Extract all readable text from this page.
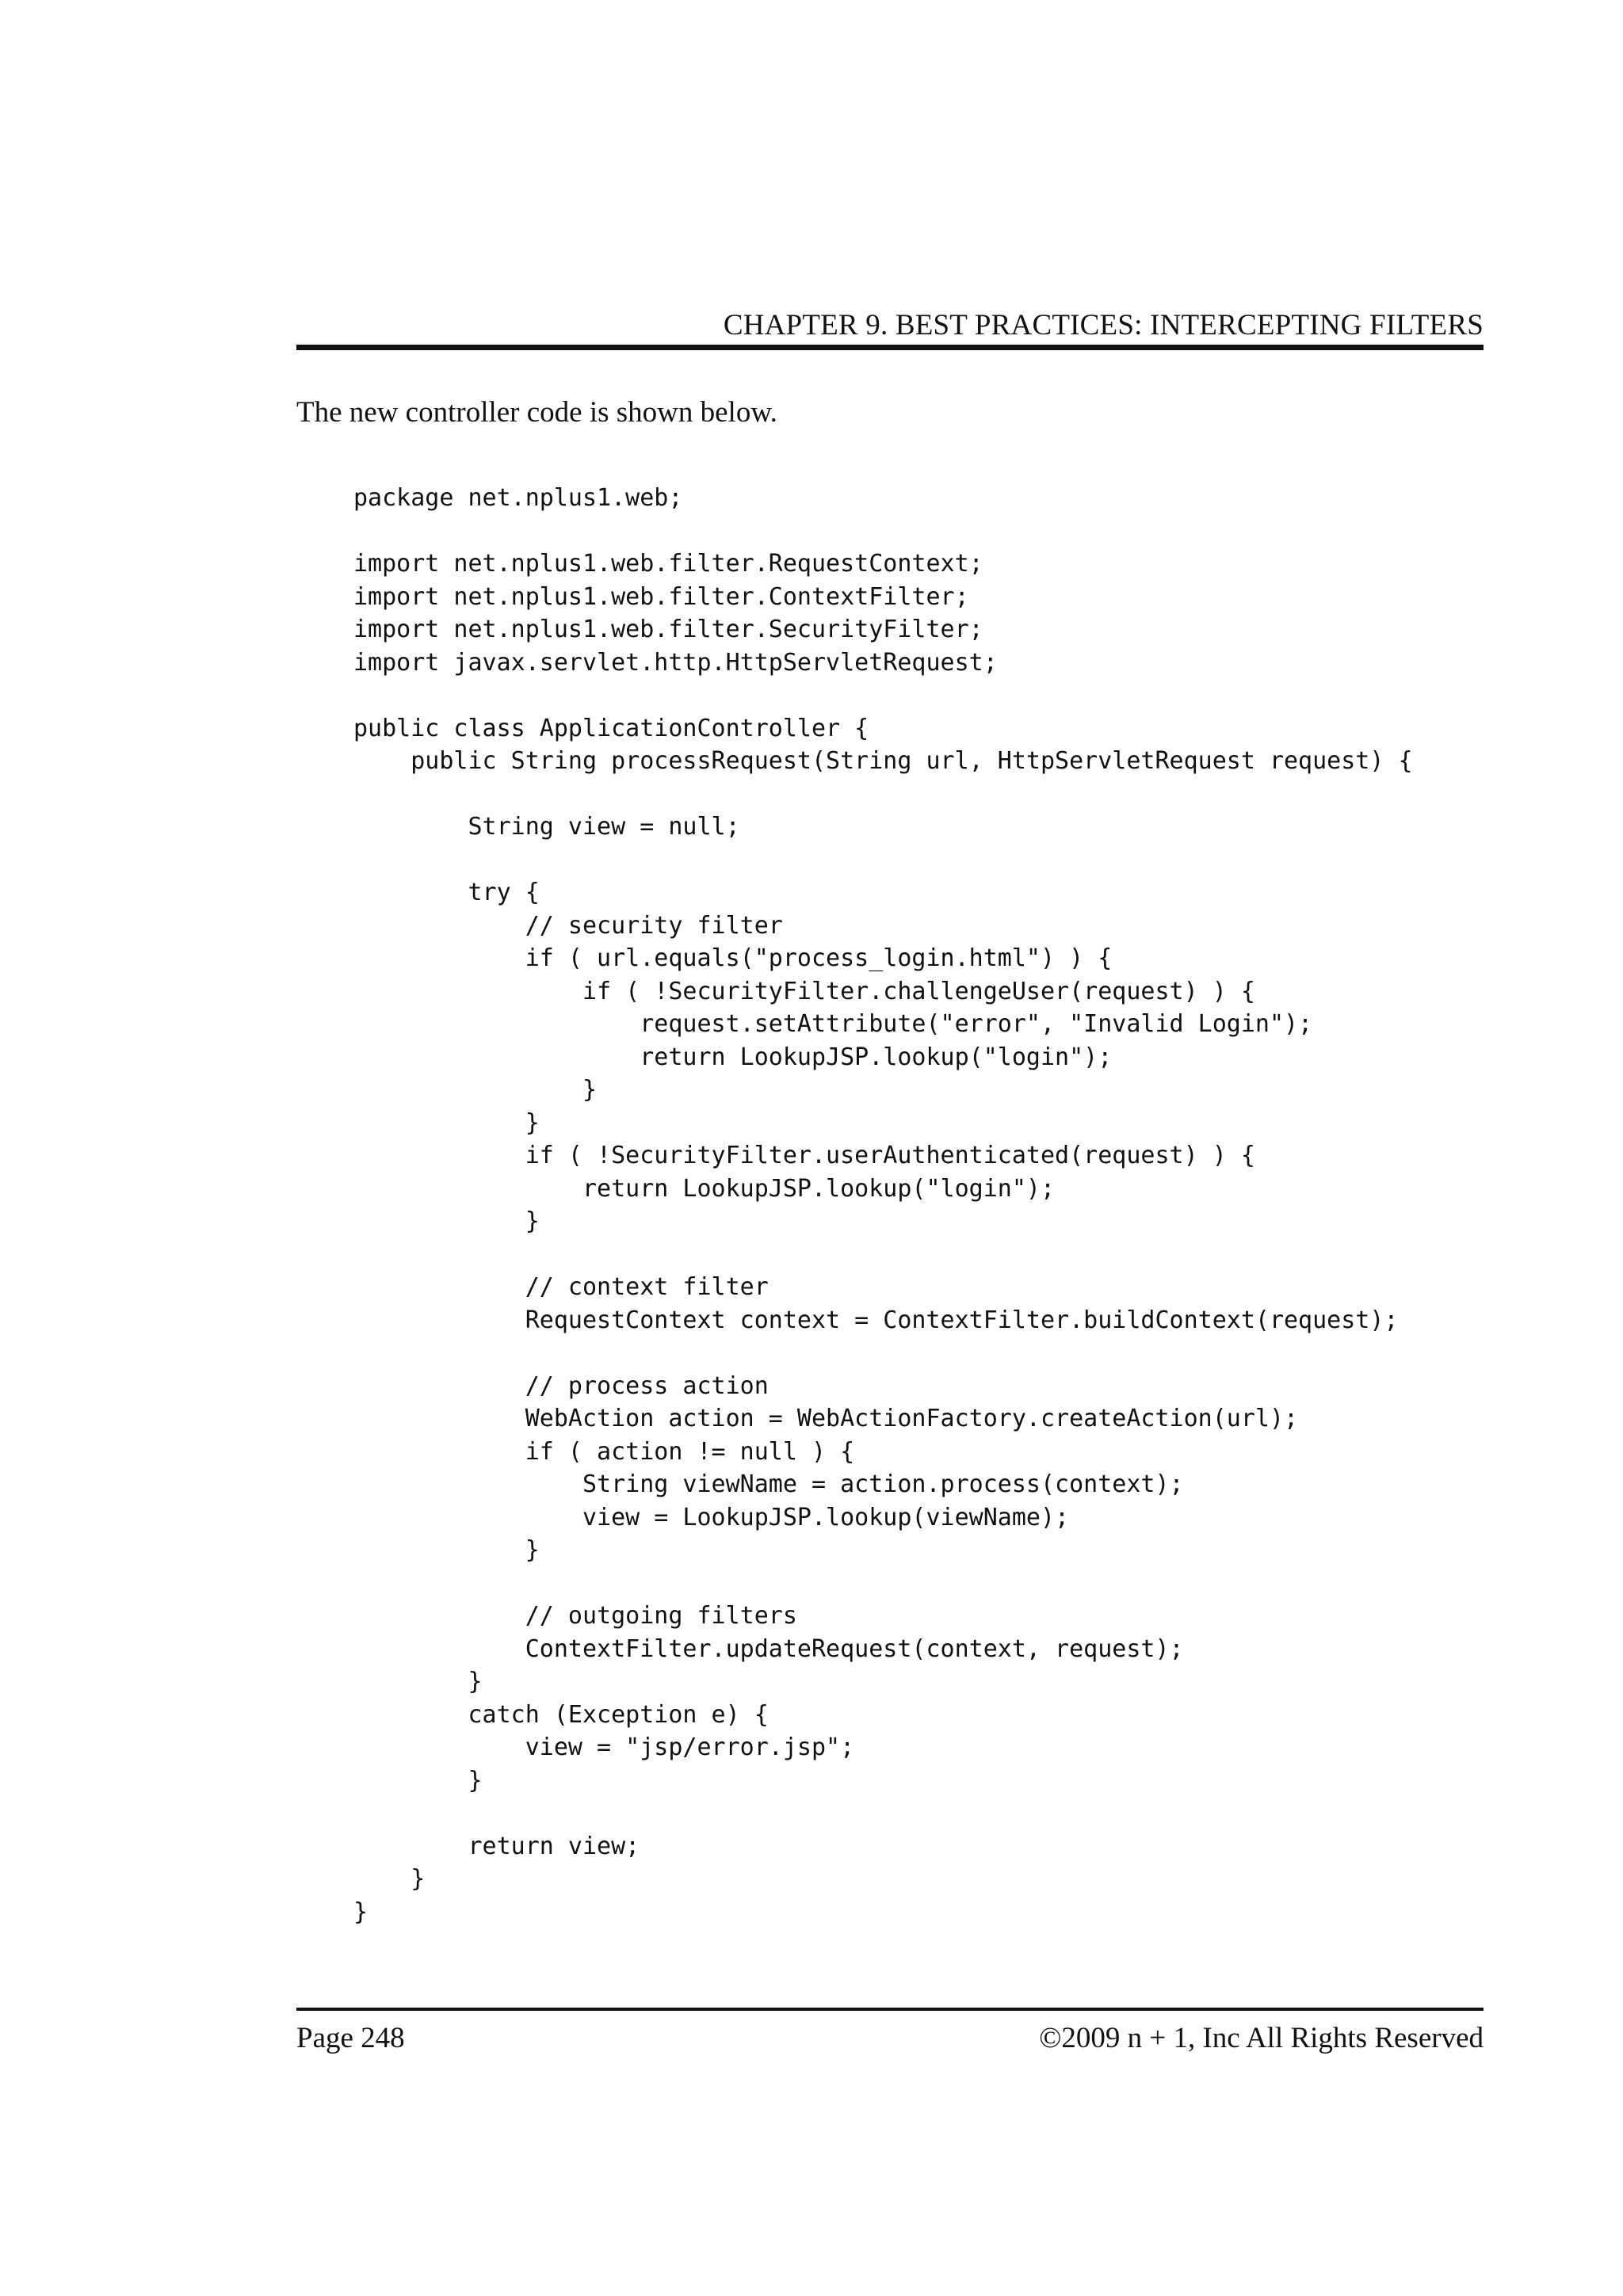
CHAPTER 9. BEST PRACTICES: INTERCEPTING FILTERS
The new controller code is shown below.
package net.nplus1.web;
import net.nplus1.web.filter.RequestContext;
import net.nplus1.web.filter.ContextFilter;
import net.nplus1.web.filter.SecurityFilter;
import javax.servlet.http.HttpServletRequest;
public class ApplicationController {
public String processRequest(String url, HttpServletRequest request) {
String view = null;
try {
// security filter
if ( url.equals("process_login.html") ) {
if ( !SecurityFilter.challengeUser(request) ) {
request.setAttribute("error", "Invalid Login");
return LookupJSP.lookup("login");
}
}
if ( !SecurityFilter.userAuthenticated(request) ) {
return LookupJSP.lookup("login");
}
// context filter
RequestContext context = ContextFilter.buildContext(request);
// process action
WebAction action = WebActionFactory.createAction(url);
if ( action != null ) {
String viewName = action.process(context);
view = LookupJSP.lookup(viewName);
}
// outgoing filters
ContextFilter.updateRequest(context, request);
}
catch (Exception e) {
view = "jsp/error.jsp";
}
return view;
}
}
Page 248	©2009 n + 1, Inc All Rights Reserved
